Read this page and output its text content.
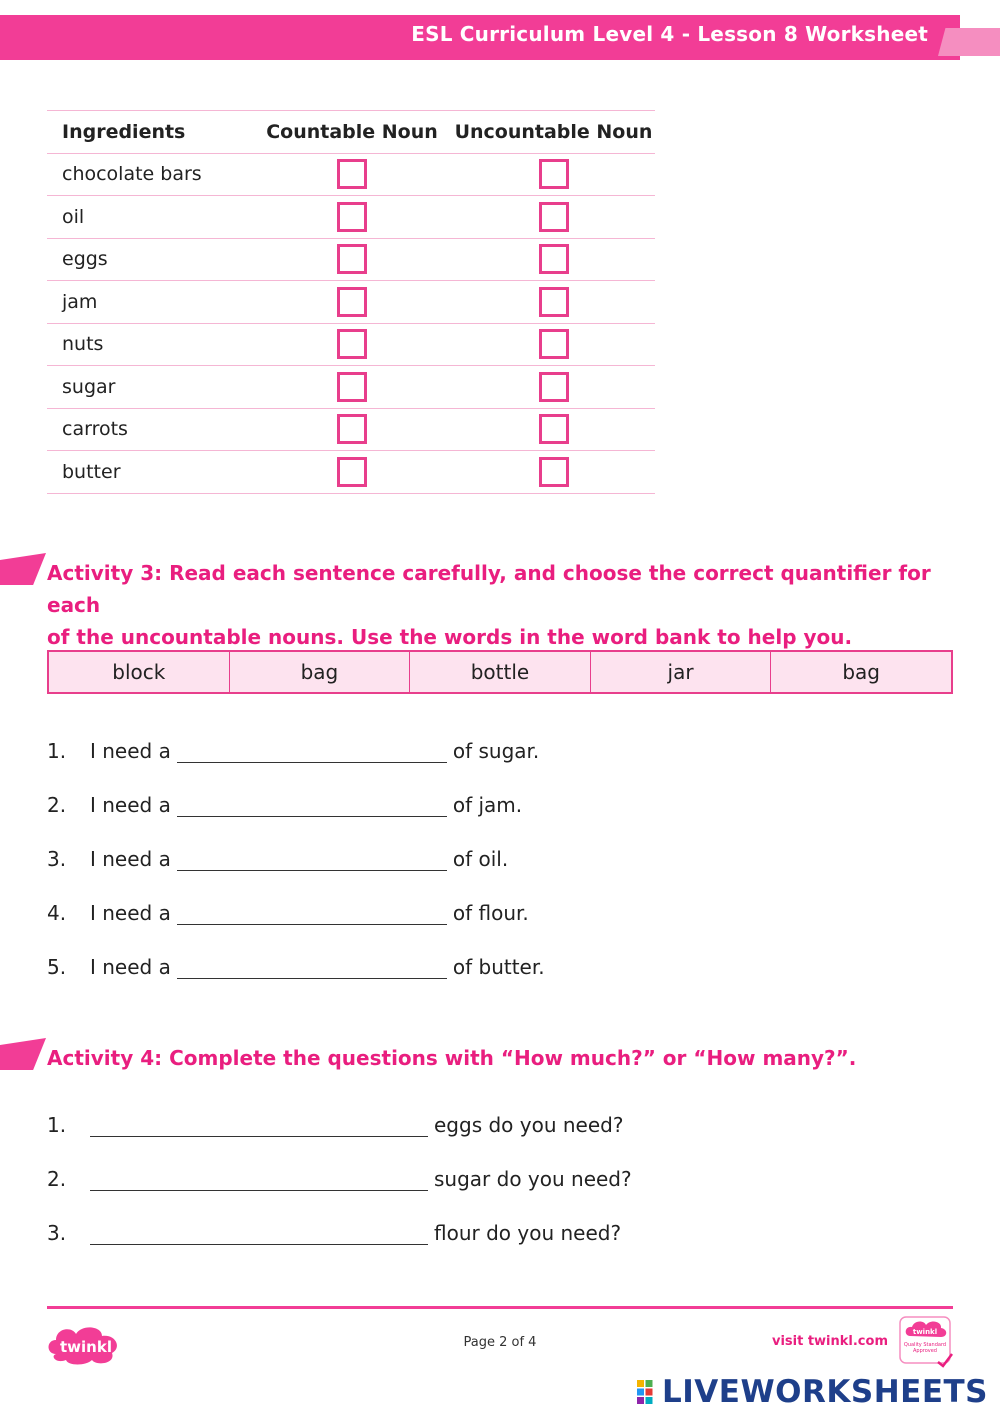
ESL Curriculum Level 4 - Lesson 8 Worksheet
Ingredients	Countable Noun	Uncountable Noun
chocolate bars		
oil		
eggs		
jam		
nuts		
sugar		
carrots		
butter		
Activity 3: Read each sentence carefully, and choose the correct quantifier for each
of the uncountable nouns. Use the words in the word bank to help you.
block	bag	bottle	jar	bag
1.	I need a	of sugar.
2.	I need a	of jam.
3.	I need a	of oil.
4.	I need a	of flour.
5.	I need a	of butter.
Activity 4: Complete the questions with “How much?” or “How many?”.
1.	eggs do you need?
2.	sugar do you need?
3.	flour do you need?
twinkl	Page 2 of 4	visit twinkl.com
twinkl
Quality Standard Approved
LIVEWORKSHEETS
